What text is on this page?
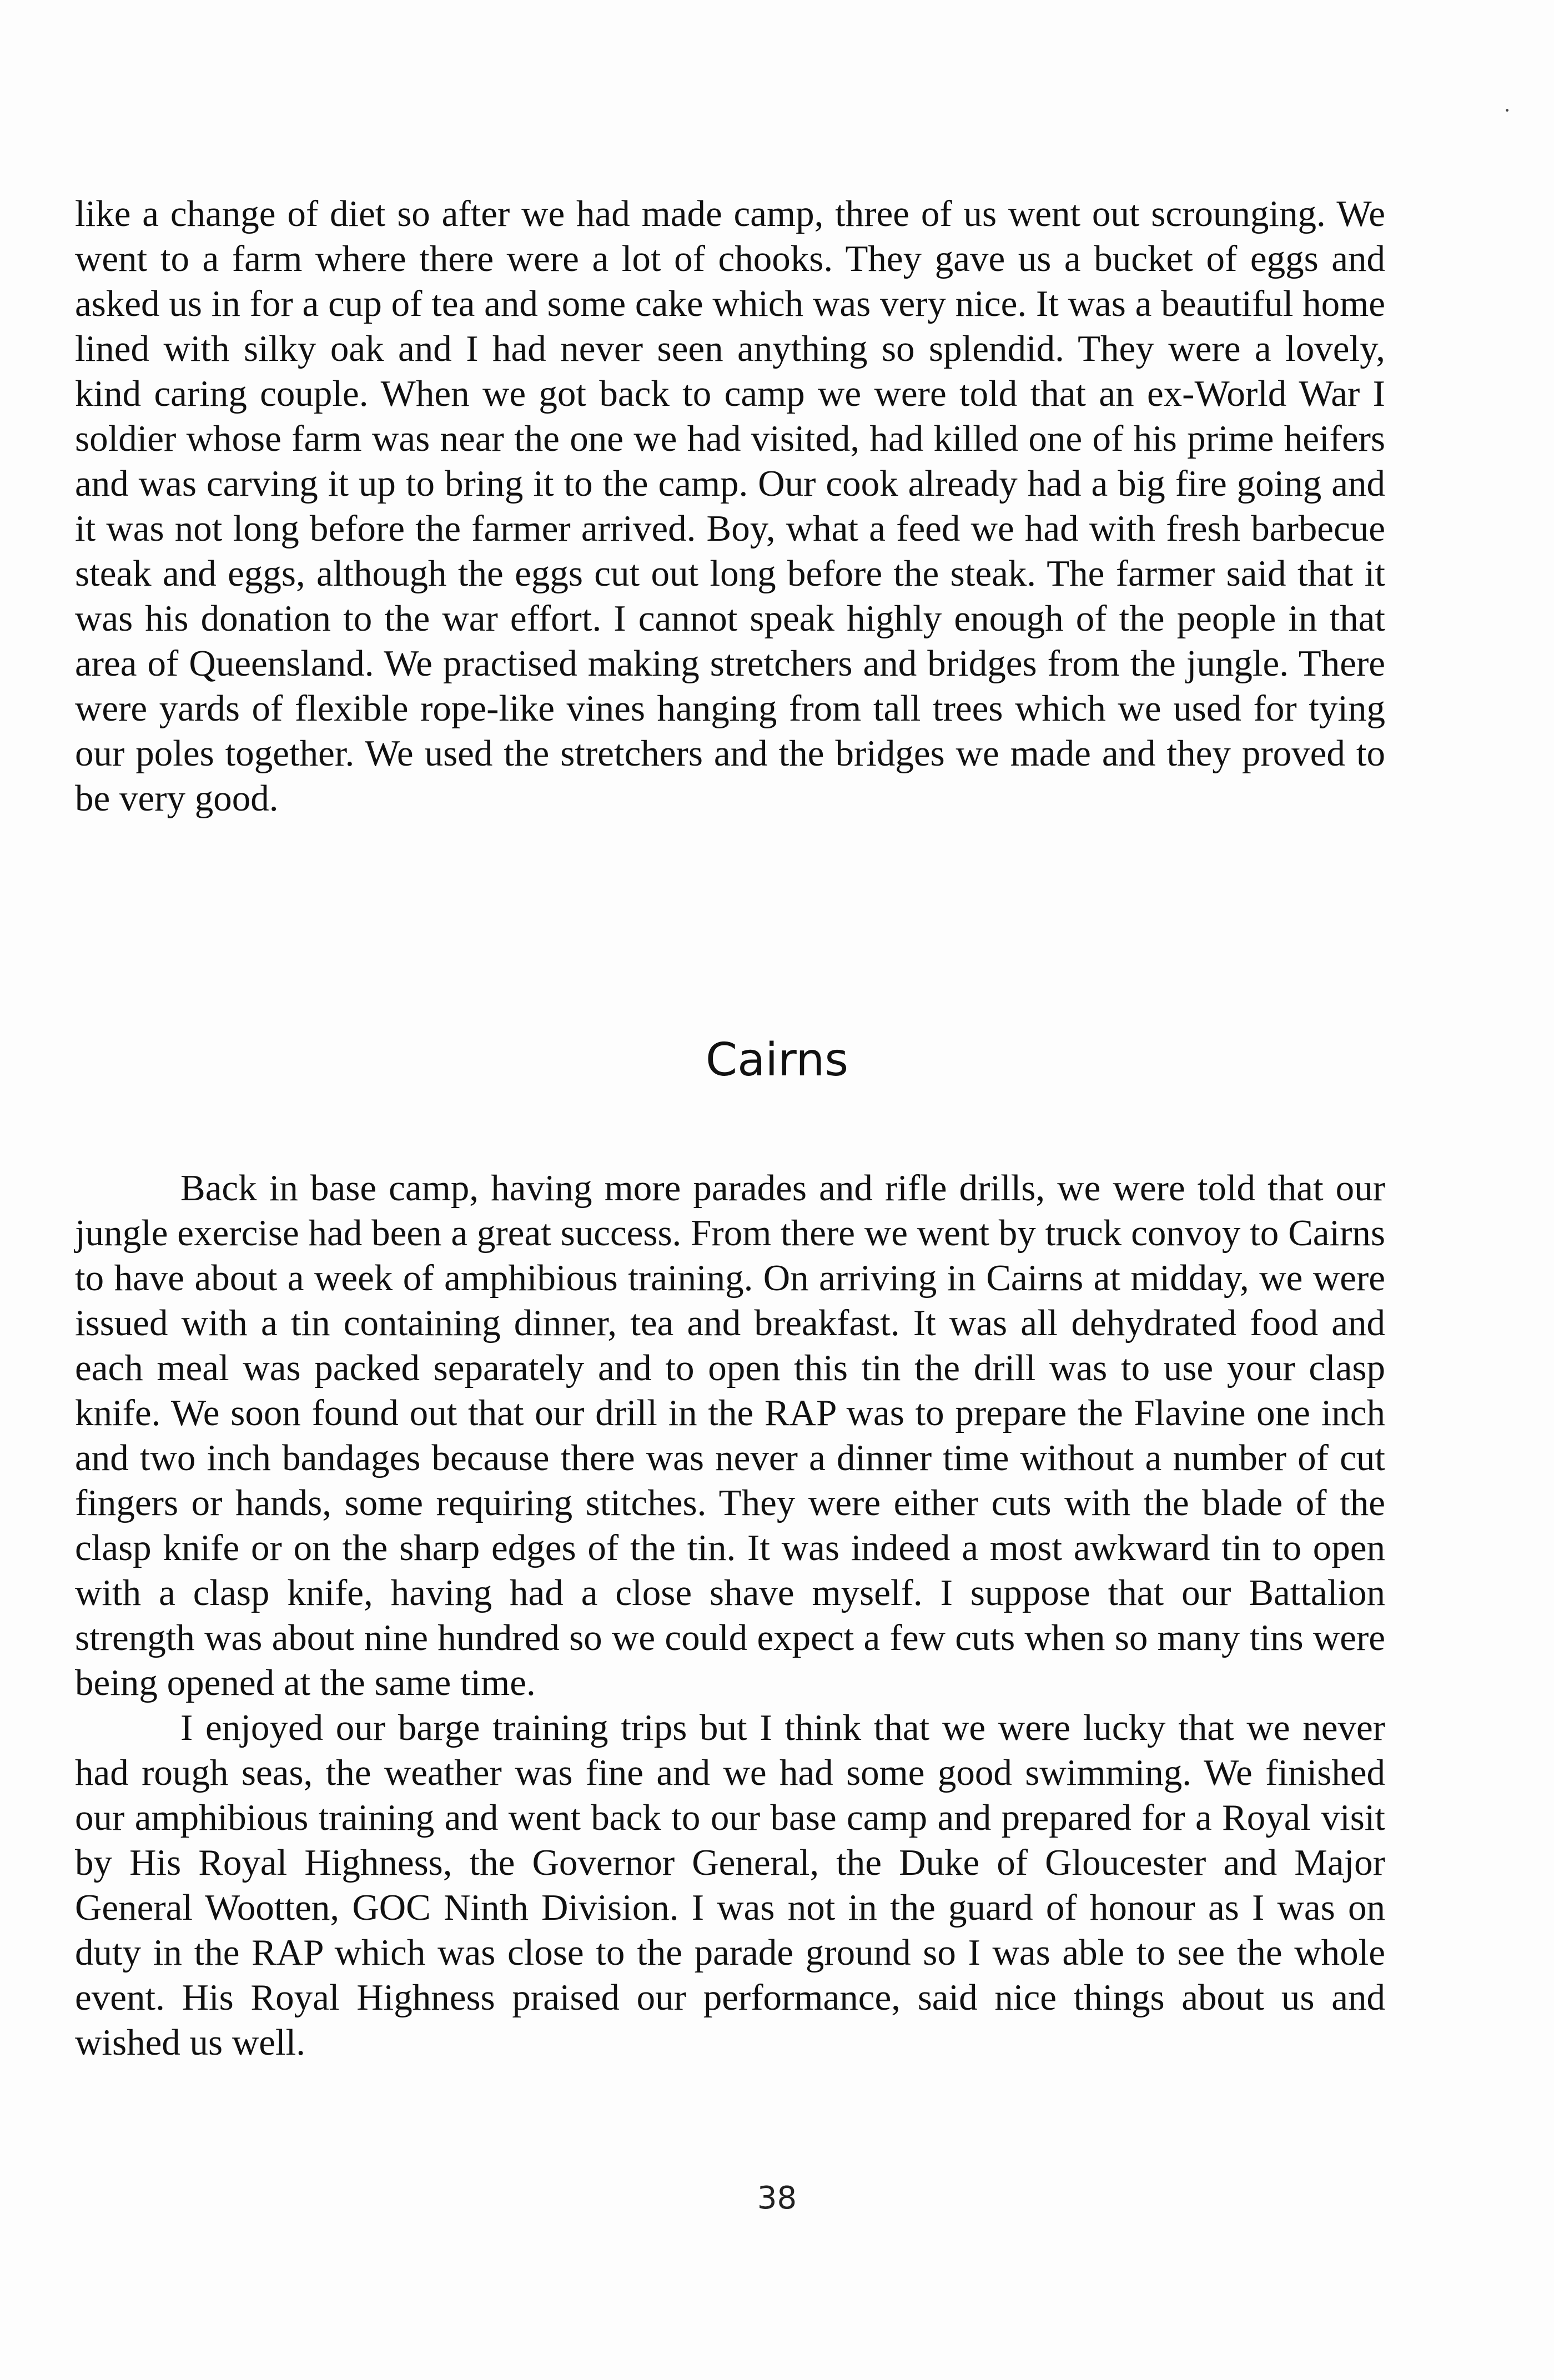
·

like a change of diet so after we had made camp, three of us went out scrounging. We went to a farm where there were a lot of chooks. They gave us a bucket of eggs and asked us in for a cup of tea and some cake which was very nice. It was a beautiful home lined with silky oak and I had never seen anything so splendid. They were a lovely, kind caring couple. When we got back to camp we were told that an ex-World War I soldier whose farm was near the one we had visited, had killed one of his prime heifers and was carving it up to bring it to the camp. Our cook already had a big fire going and it was not long before the farmer arrived. Boy, what a feed we had with fresh barbecue steak and eggs, although the eggs cut out long before the steak. The farmer said that it was his donation to the war effort. I cannot speak highly enough of the people in that area of Queensland. We practised making stretchers and bridges from the jungle. There were yards of flexible rope-like vines hanging from tall trees which we used for tying our poles together. We used the stretchers and the bridges we made and they proved to be very good.

Cairns

Back in base camp, having more parades and rifle drills, we were told that our jungle exercise had been a great success. From there we went by truck convoy to Cairns to have about a week of amphibious training. On arriving in Cairns at midday, we were issued with a tin containing dinner, tea and breakfast. It was all dehydrated food and each meal was packed separately and to open this tin the drill was to use your clasp knife. We soon found out that our drill in the RAP was to prepare the Flavine one inch and two inch bandages because there was never a dinner time without a number of cut fingers or hands, some requiring stitches. They were either cuts with the blade of the clasp knife or on the sharp edges of the tin. It was indeed a most awkward tin to open with a clasp knife, having had a close shave myself. I suppose that our Battalion strength was about nine hundred so we could expect a few cuts when so many tins were being opened at the same time.

I enjoyed our barge training trips but I think that we were lucky that we never had rough seas, the weather was fine and we had some good swimming. We finished our amphibious training and went back to our base camp and prepared for a Royal visit by His Royal Highness, the Governor General, the Duke of Gloucester and Major General Wootten, GOC Ninth Division. I was not in the guard of honour as I was on duty in the RAP which was close to the parade ground so I was able to see the whole event. His Royal Highness praised our performance, said nice things about us and wished us well.

38
